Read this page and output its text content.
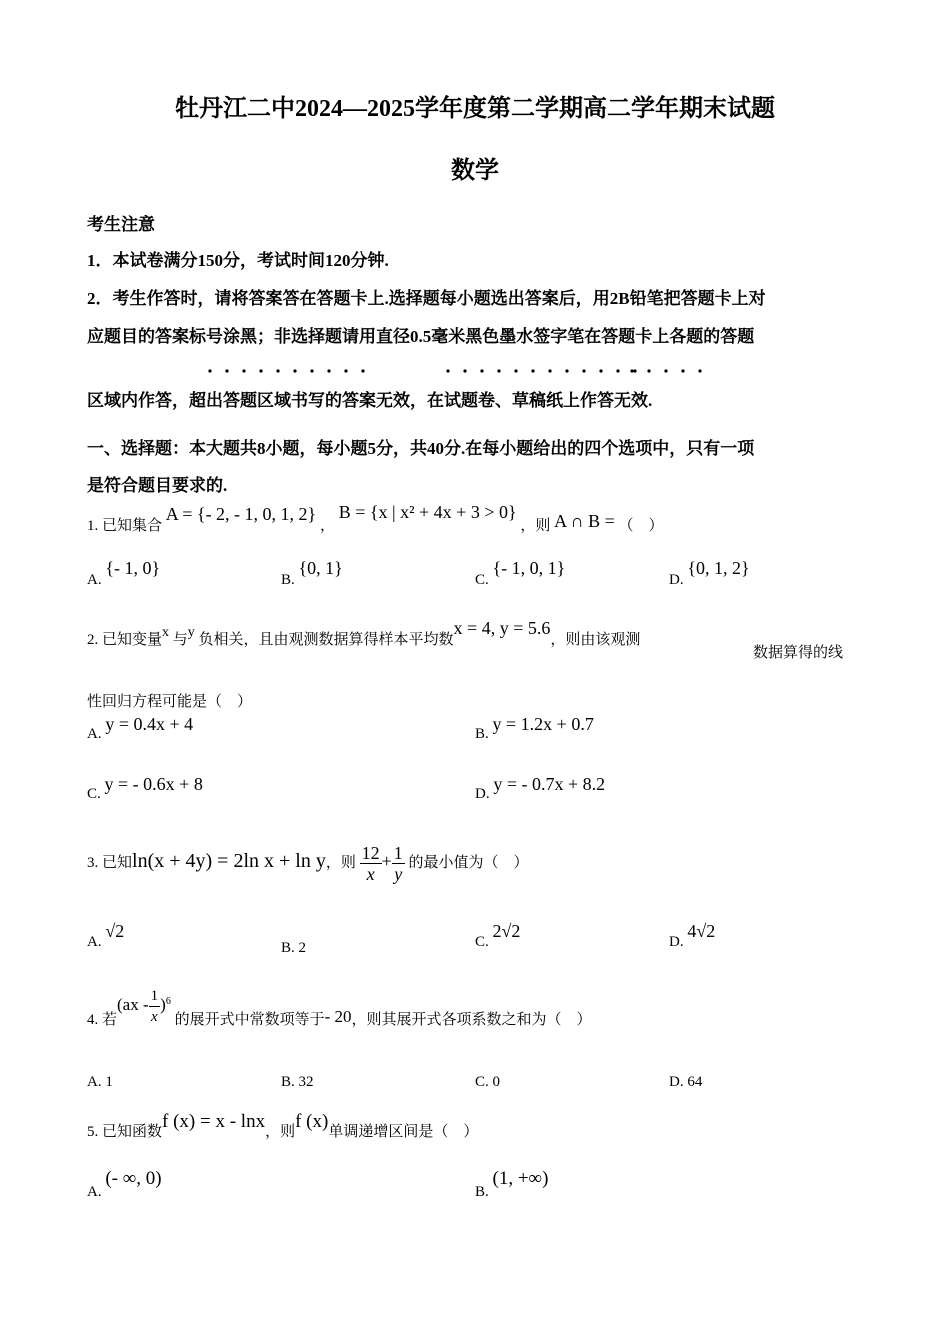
牡丹江二中2024—2025学年度第二学期高二学年期末试题
数学
考生注意
1．本试卷满分150分，考试时间120分钟.
2．考生作答时，请将答案答在答题卡上.选择题每小题选出答案后，用2B铅笔把答题卡上对
应题目的答案标号涂黑；非选择题请用直径0.5毫米黑色墨水签字笔在答题卡上各题的答题
区域内作答，超出答题区域书写的答案无效，在试题卷、草稿纸上作答无效.
一、选择题：本大题共8小题，每小题5分，共40分.在每小题给出的四个选项中，只有一项
是符合题目要求的.
1. 已知集合 A = {- 2, - 1, 0, 1, 2} ， B = {x | x² + 4x + 3 > 0} ，则 A ∩ B = （　）
A. {- 1, 0}
B. {0, 1}
C. {- 1, 0, 1}
D. {0, 1, 2}
2. 已知变量x 与y 负相关，且由观测数据算得样本平均数x = 4, y = 5.6，则由该观测
数据算得的线
性回归方程可能是（　）
A. y = 0.4x + 4	B. y = 1.2x + 0.7
C. y = - 0.6x + 8	D. y = - 0.7x + 8.2
3. 已知ln(x + 4y) = 2ln x + ln y，则 $\frac{12}{x} + \frac{1}{y}$ 的最小值为（　）
A. √2
B. 2	C. 2√2
D. 4√2
4. 若$(ax - \frac{1}{x} )^6$ 的展开式中常数项等于- 20，则其展开式各项系数之和为（　）
A. 1	B. 32	C. 0	D. 64
5. 已知函数f (x) = x - lnx，则f (x)单调递增区间是（　）
A. (- ∞, 0)
B. (1, +∞)
